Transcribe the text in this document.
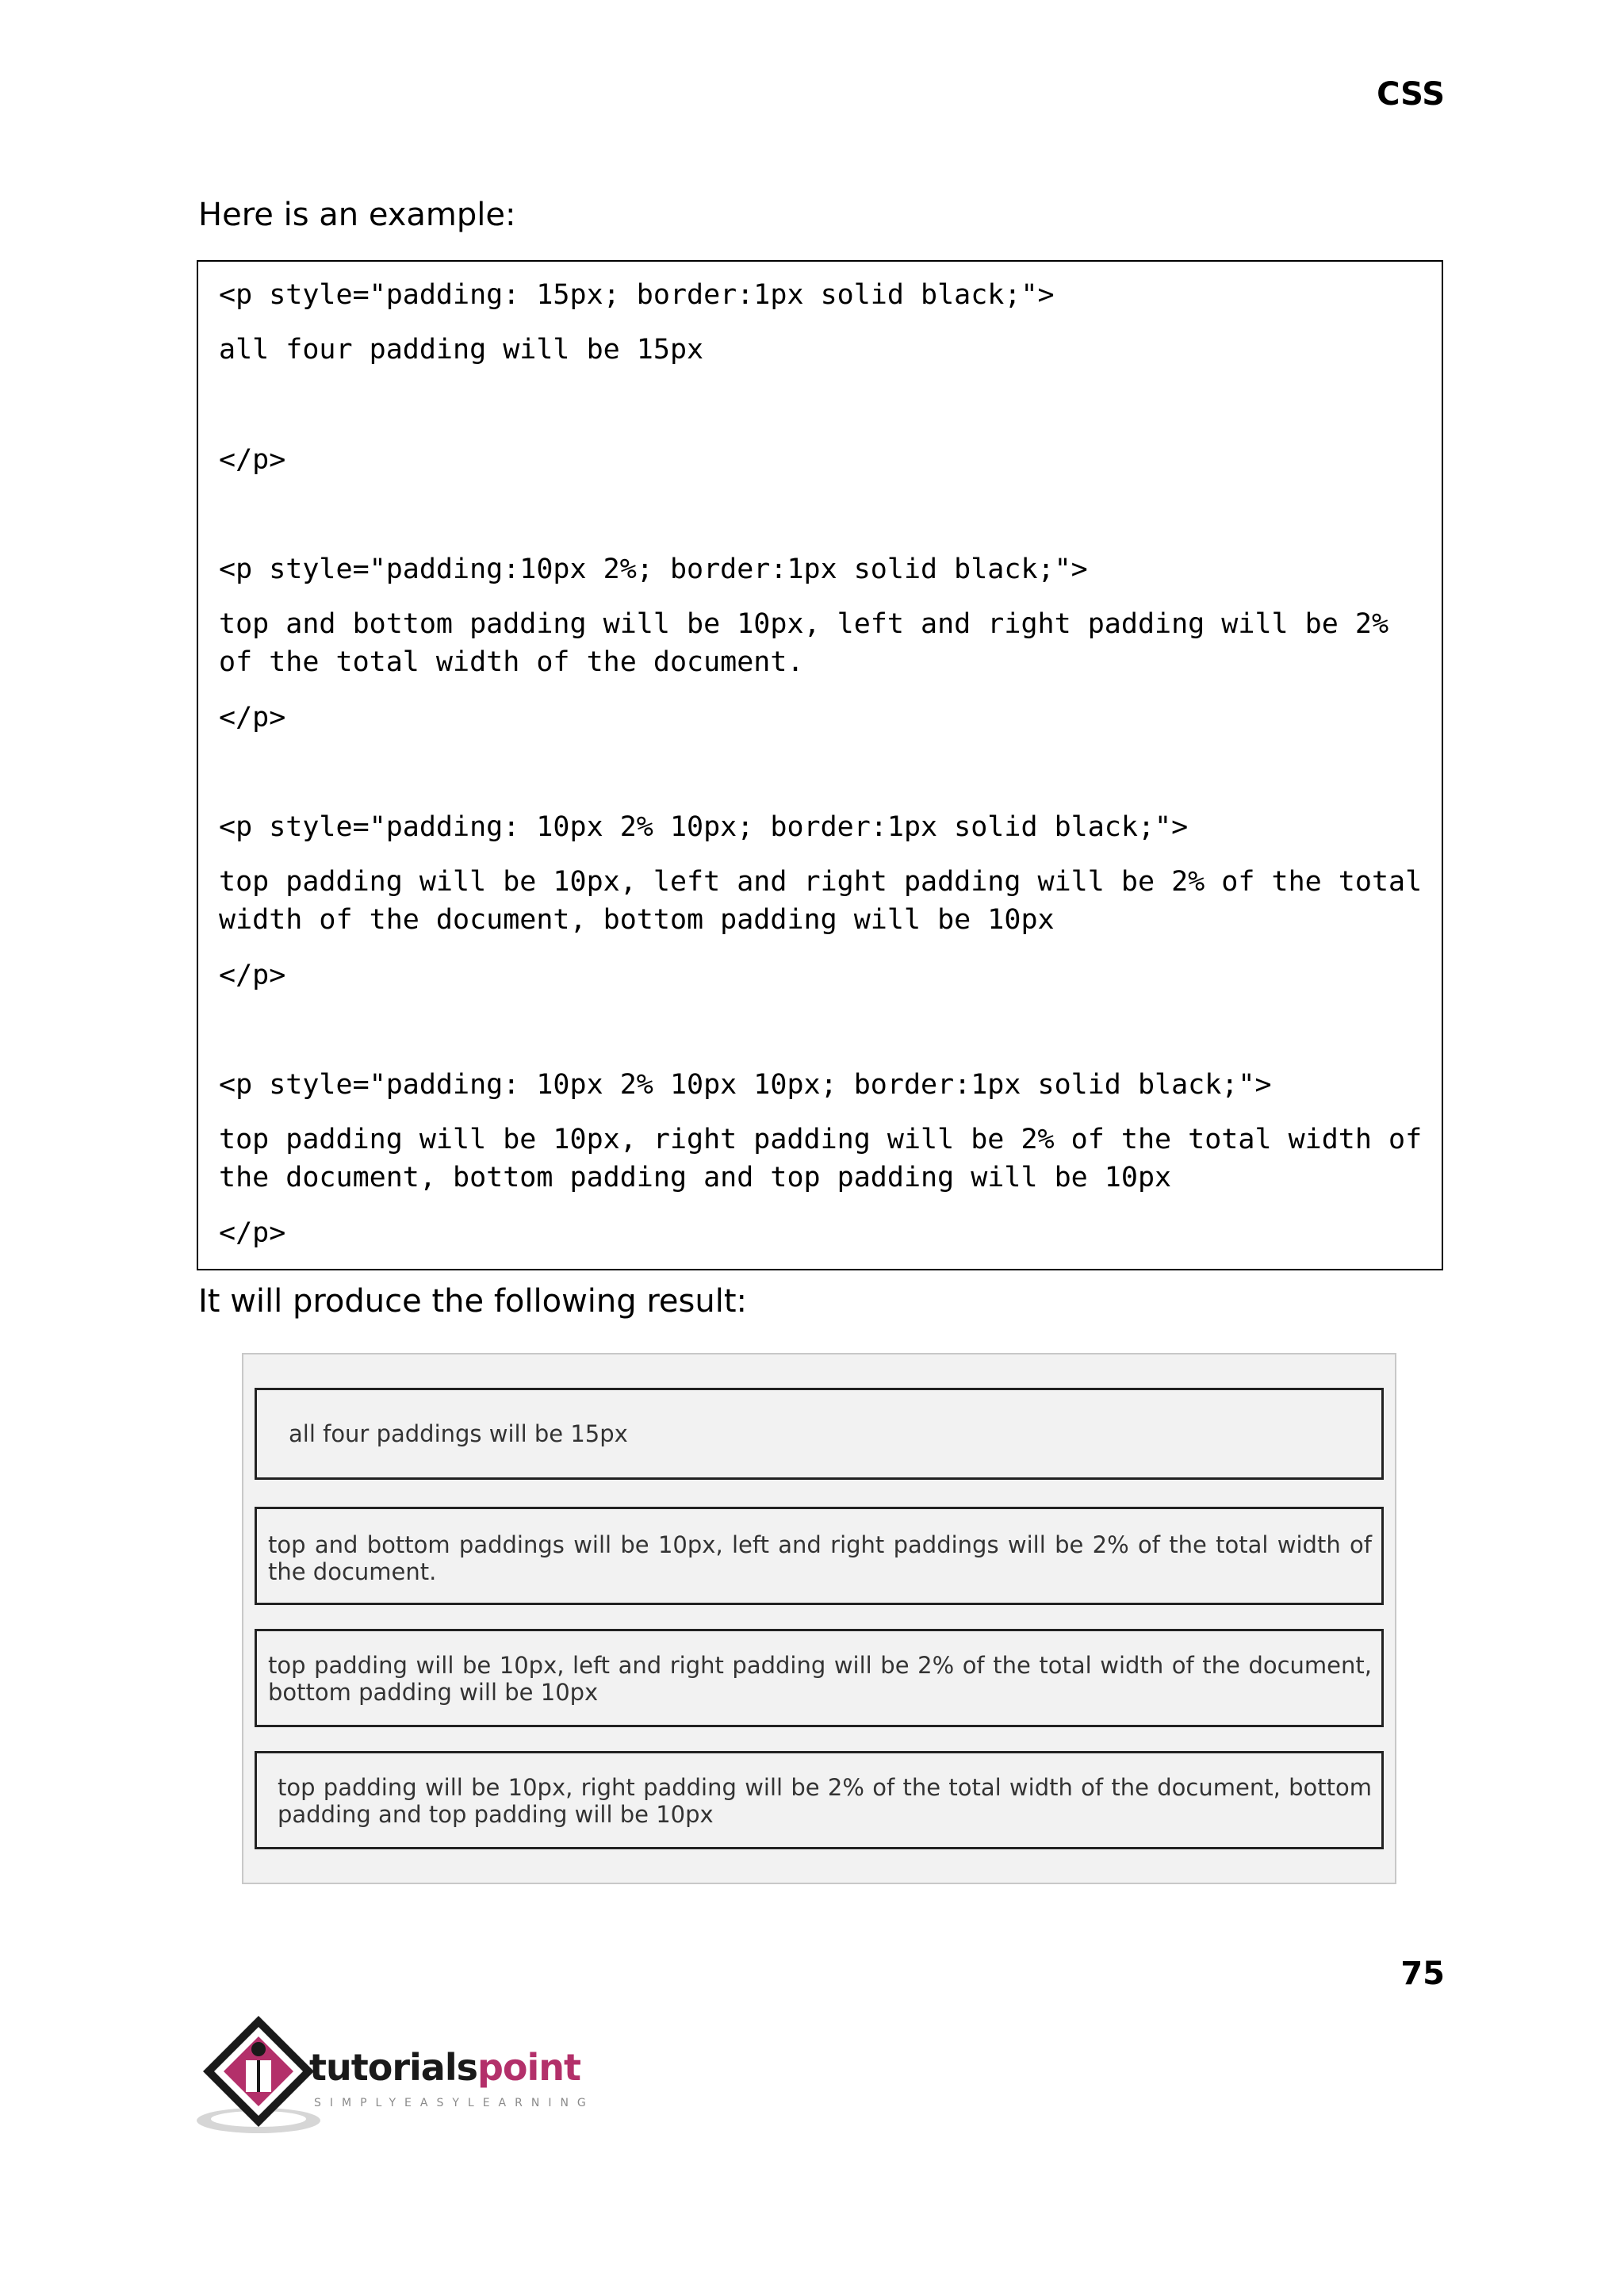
CSS

Here is an example:

<p style="padding: 15px; border:1px solid black;">

all four padding will be 15px

</p>

<p style="padding:10px 2%; border:1px solid black;">

top and bottom padding will be 10px, left and right padding will be 2%

of the total width of the document.

</p>

<p style="padding: 10px 2% 10px; border:1px solid black;">

top padding will be 10px, left and right padding will be 2% of the total

width of the document, bottom padding will be 10px

</p>

<p style="padding: 10px 2% 10px 10px; border:1px solid black;">

top padding will be 10px, right padding will be 2% of the total width of

the document, bottom padding and top padding will be 10px

</p>

It will produce the following result:

all four paddings will be 15px
top and bottom paddings will be 10px, left and right paddings will be 2% of the total width of the document.
top padding will be 10px, left and right padding will be 2% of the total width of the document, bottom padding will be 10px
top padding will be 10px, right padding will be 2% of the total width of the document, bottom padding and top padding will be 10px
75
tutorialspoint
SIMPLYEASYLEARNING
